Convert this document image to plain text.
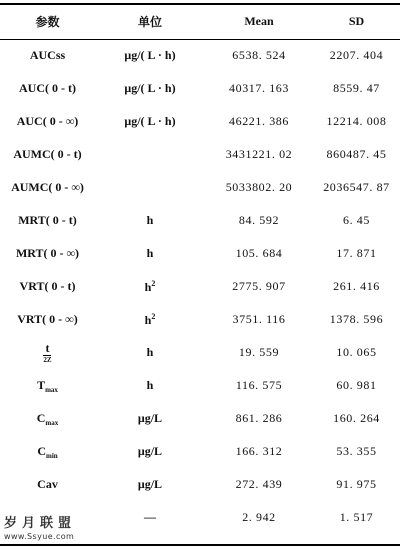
参数	单位	Mean	SD
AUCss	μg/( L · h)	6538. 524	2207. 404
AUC( 0 - t)	μg/( L · h)	40317. 163	8559. 47
AUC( 0 - ∞)	μg/( L · h)	46221. 386	12214. 008
AUMC( 0 - t)		3431221. 02	860487. 45
AUMC( 0 - ∞)		5033802. 20	2036547. 87
MRT( 0 - t)	h	84. 592	6. 45
MRT( 0 - ∞)	h	105. 684	17. 871
VRT( 0 - t)	$h^2$	2775. 907	261. 416
VRT( 0 - ∞)	$h^2$	3751. 116	1378. 596

t
2Z	h	19. 559	10. 065
$T_{max}$	h	116. 575	60. 981
$C_{max}$	μg/L	861. 286	160. 264
$C_{min}$	μg/L	166. 312	53. 355
Cav	μg/L	272. 439	91. 975
	—	2. 942	1. 517
岁月联盟
www.Ssyue.com
